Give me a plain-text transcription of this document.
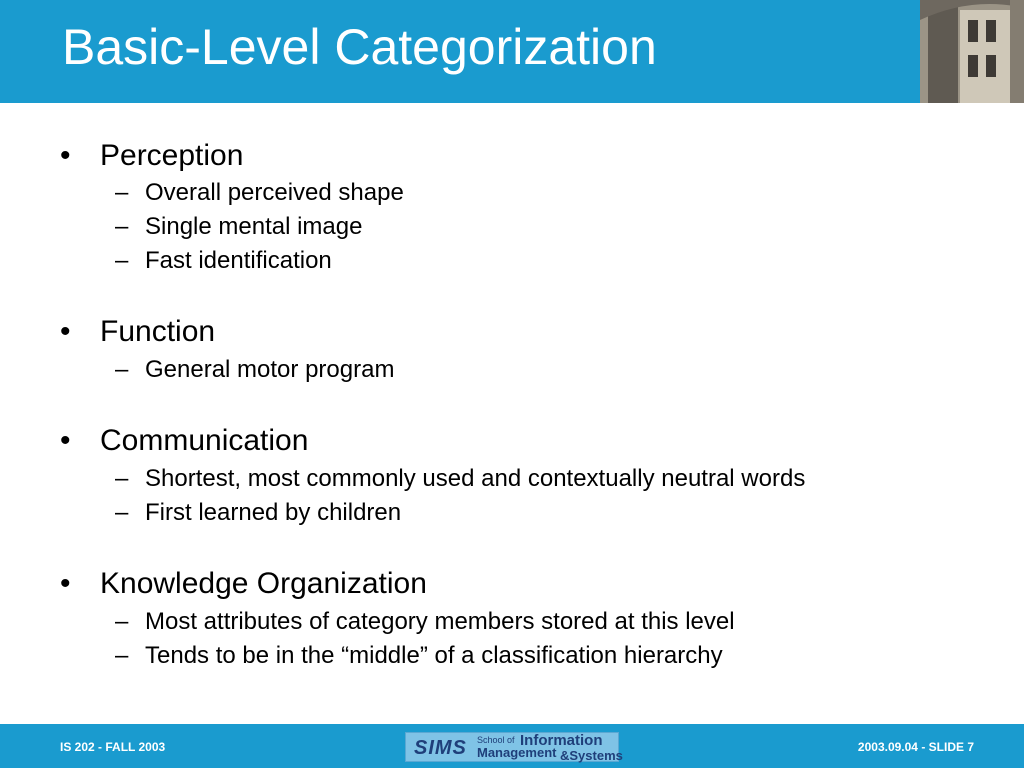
Basic-Level Categorization
• Perception
– Overall perceived shape
– Single mental image
– Fast identification
• Function
– General motor program
• Communication
– Shortest, most commonly used and contextually neutral words
– First learned by children
• Knowledge Organization
– Most attributes of category members stored at this level
– Tends to be in the “middle” of a classification hierarchy
IS 202 - FALL 2003	SIMS School of Information
Management &Systems
2003.09.04 - SLIDE 7
